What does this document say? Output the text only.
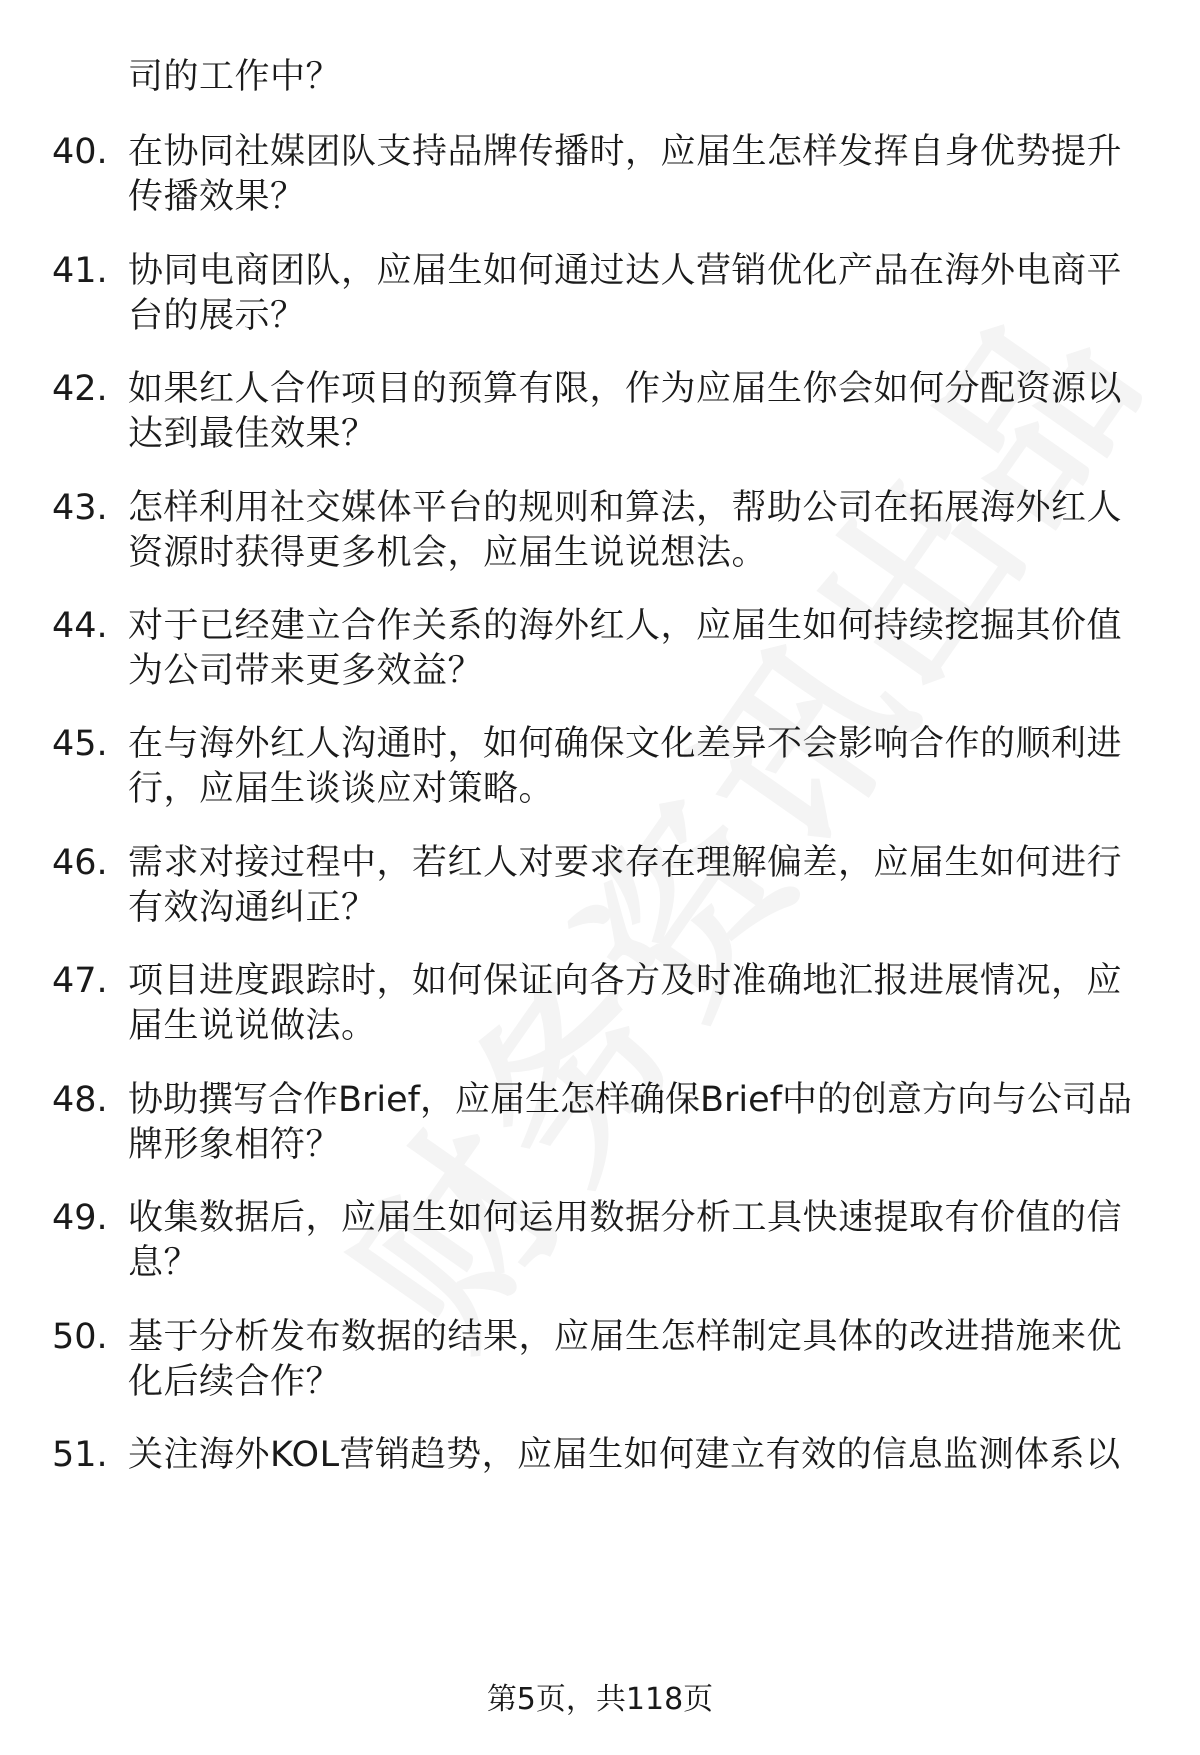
司的工作中？
40. 在协同社媒团队支持品牌传播时，应届生怎样发挥自身优势提升
传播效果？
41. 协同电商团队，应届生如何通过达人营销优化产品在海外电商平
台的展示？
42. 如果红人合作项目的预算有限，作为应届生你会如何分配资源以
达到最佳效果？
43. 怎样利用社交媒体平台的规则和算法，帮助公司在拓展海外红人
资源时获得更多机会，应届生说说想法。
44. 对于已经建立合作关系的海外红人，应届生如何持续挖掘其价值
为公司带来更多效益？
45. 在与海外红人沟通时，如何确保文化差异不会影响合作的顺利进
行，应届生谈谈应对策略。
46. 需求对接过程中，若红人对要求存在理解偏差，应届生如何进行
有效沟通纠正？
47. 项目进度跟踪时，如何保证向各方及时准确地汇报进展情况，应
届生说说做法。
48. 协助撰写合作Brief，应届生怎样确保Brief中的创意方向与公司品
牌形象相符？
49. 收集数据后，应届生如何运用数据分析工具快速提取有价值的信
息？
50. 基于分析发布数据的结果，应届生怎样制定具体的改进措施来优
化后续合作？
51. 关注海外KOL营销趋势，应届生如何建立有效的信息监测体系以
第5页，共118页
